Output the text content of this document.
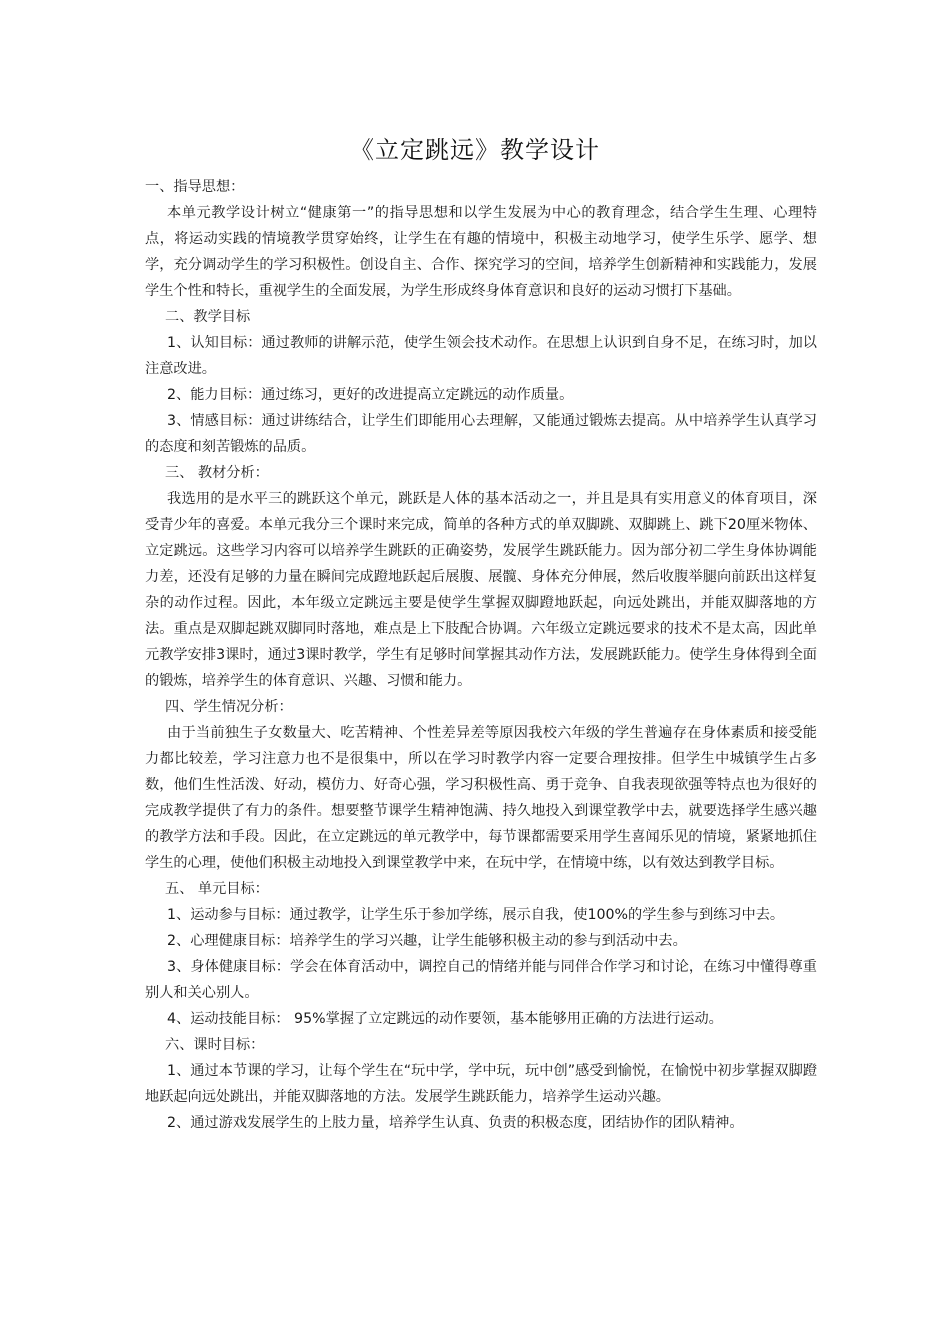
《立定跳远》教学设计

一、指导思想：

本单元教学设计树立“健康第一”的指导思想和以学生发展为中心的教育理念，结合学生生理、心理特点，将运动实践的情境教学贯穿始终，让学生在有趣的情境中，积极主动地学习，使学生乐学、愿学、想学，充分调动学生的学习积极性。创设自主、合作、探究学习的空间，培养学生创新精神和实践能力，发展学生个性和特长，重视学生的全面发展，为学生形成终身体育意识和良好的运动习惯打下基础。

二、教学目标

1、认知目标：通过教师的讲解示范，使学生领会技术动作。在思想上认识到自身不足，在练习时，加以注意改进。

2、能力目标：通过练习，更好的改进提高立定跳远的动作质量。

3、情感目标：通过讲练结合，让学生们即能用心去理解，又能通过锻炼去提高。从中培养学生认真学习的态度和刻苦锻炼的品质。

三、 教材分析：

我选用的是水平三的跳跃这个单元，跳跃是人体的基本活动之一，并且是具有实用意义的体育项目，深受青少年的喜爱。本单元我分三个课时来完成，简单的各种方式的单双脚跳、双脚跳上、跳下20厘米物体、立定跳远。这些学习内容可以培养学生跳跃的正确姿势，发展学生跳跃能力。因为部分初二学生身体协调能力差，还没有足够的力量在瞬间完成蹬地跃起后展腹、展髋、身体充分伸展，然后收腹举腿向前跃出这样复杂的动作过程。因此，本年级立定跳远主要是使学生掌握双脚蹬地跃起，向远处跳出，并能双脚落地的方法。重点是双脚起跳双脚同时落地，难点是上下肢配合协调。六年级立定跳远要求的技术不是太高，因此单元教学安排3课时，通过3课时教学，学生有足够时间掌握其动作方法，发展跳跃能力。使学生身体得到全面的锻炼，培养学生的体育意识、兴趣、习惯和能力。

四、学生情况分析：

由于当前独生子女数量大、吃苦精神、个性差异差等原因我校六年级的学生普遍存在身体素质和接受能力都比较差，学习注意力也不是很集中，所以在学习时教学内容一定要合理按排。但学生中城镇学生占多数，他们生性活泼、好动，模仿力、好奇心强，学习积极性高、勇于竞争、自我表现欲强等特点也为很好的完成教学提供了有力的条件。想要整节课学生精神饱满、持久地投入到课堂教学中去，就要选择学生感兴趣的教学方法和手段。因此，在立定跳远的单元教学中，每节课都需要采用学生喜闻乐见的情境，紧紧地抓住学生的心理，使他们积极主动地投入到课堂教学中来，在玩中学，在情境中练，以有效达到教学目标。

五、 单元目标：

1、运动参与目标：通过教学，让学生乐于参加学练，展示自我，使100%的学生参与到练习中去。

2、心理健康目标：培养学生的学习兴趣，让学生能够积极主动的参与到活动中去。

3、身体健康目标：学会在体育活动中，调控自己的情绪并能与同伴合作学习和讨论，在练习中懂得尊重别人和关心别人。

4、运动技能目标： 95%掌握了立定跳远的动作要领，基本能够用正确的方法进行运动。

六、课时目标：

1、通过本节课的学习，让每个学生在“玩中学，学中玩，玩中创”感受到愉悦，在愉悦中初步掌握双脚蹬地跃起向远处跳出，并能双脚落地的方法。发展学生跳跃能力，培养学生运动兴趣。

2、通过游戏发展学生的上肢力量，培养学生认真、负责的积极态度，团结协作的团队精神。
